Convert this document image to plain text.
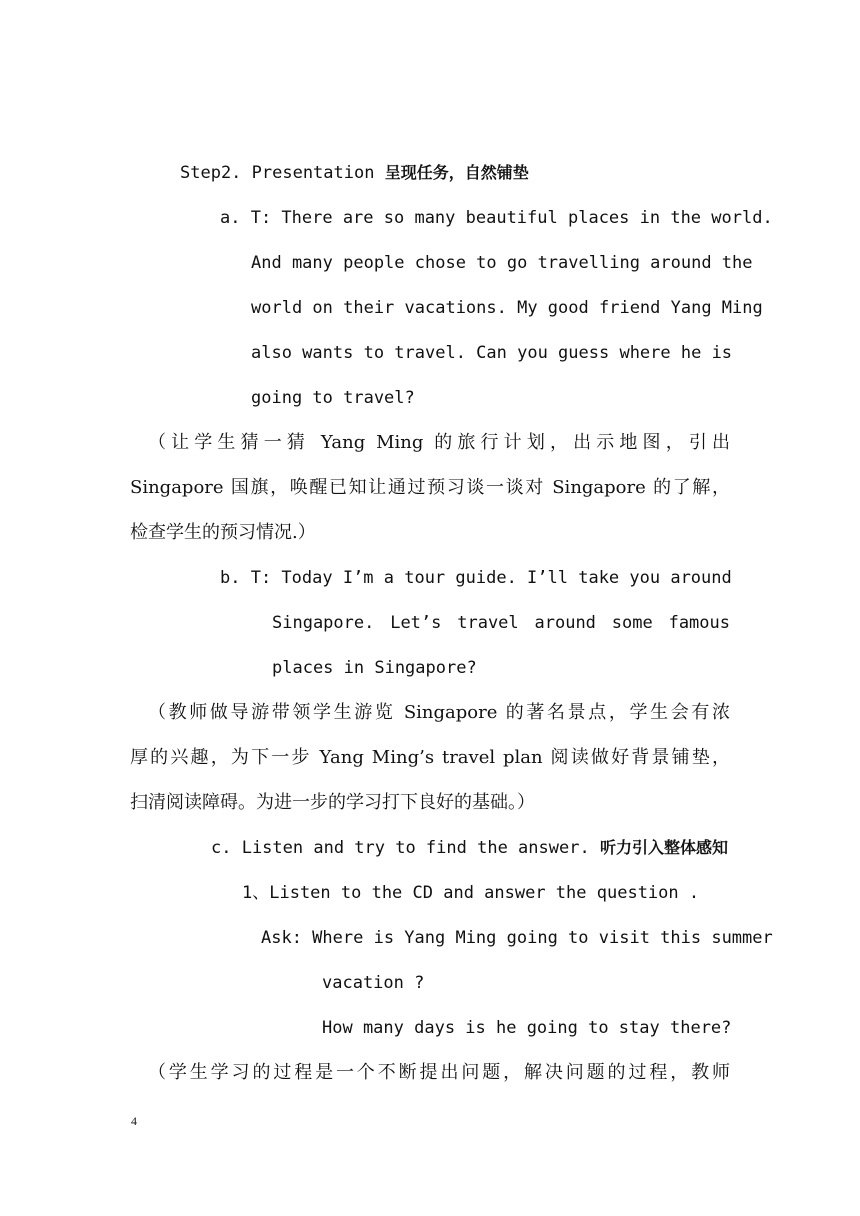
Step2. Presentation 呈现任务，自然铺垫
a. T: There are so many beautiful places in the world.
And many people chose to go travelling around the
world on their vacations. My good friend Yang Ming
also wants to travel. Can you guess where he is
going to travel?
（让学生猜一猜 Yang Ming 的旅行计划，出示地图，引出
Singapore 国旗，唤醒已知让通过预习谈一谈对 Singapore 的了解，
检查学生的预习情况.）
b. T: Today I’m a tour guide. I’ll take you around
Singapore. Let’s travel around some famous
places in Singapore?
（教师做导游带领学生游览 Singapore 的著名景点，学生会有浓
厚的兴趣，为下一步 Yang Ming’s travel plan 阅读做好背景铺垫，
扫清阅读障碍。为进一步的学习打下良好的基础。）
c. Listen and try to find the answer. 听力引入整体感知
1、Listen to the CD and answer the question .
Ask: Where is Yang Ming going to visit this summer
vacation ?
How many days is he going to stay there?
（学生学习的过程是一个不断提出问题，解决问题的过程，教师
4
